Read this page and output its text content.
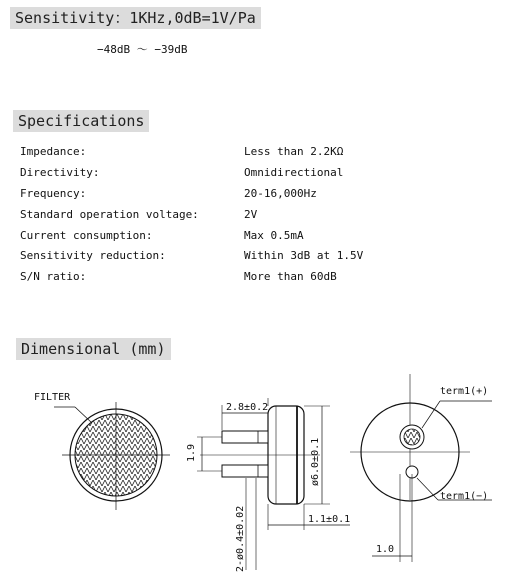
Sensitivity：1KHz,0dB=1V/Pa
−48dB ～ −39dB
Specifications
Impedance:	Less than 2.2KΩ
Directivity:	Omnidirectional
Frequency:	20-16,000Hz
Standard operation voltage:	2V
Current consumption:	Max 0.5mA
Sensitivity reduction:	Within 3dB at 1.5V
S/N ratio:	More than 60dB
Dimensional (mm)
FILTER
2.8±0.2
1.9	ø6.0±0.1
2-ø0.4±0.02	1.1±0.1
term1(+)
term1(−)
1.0
